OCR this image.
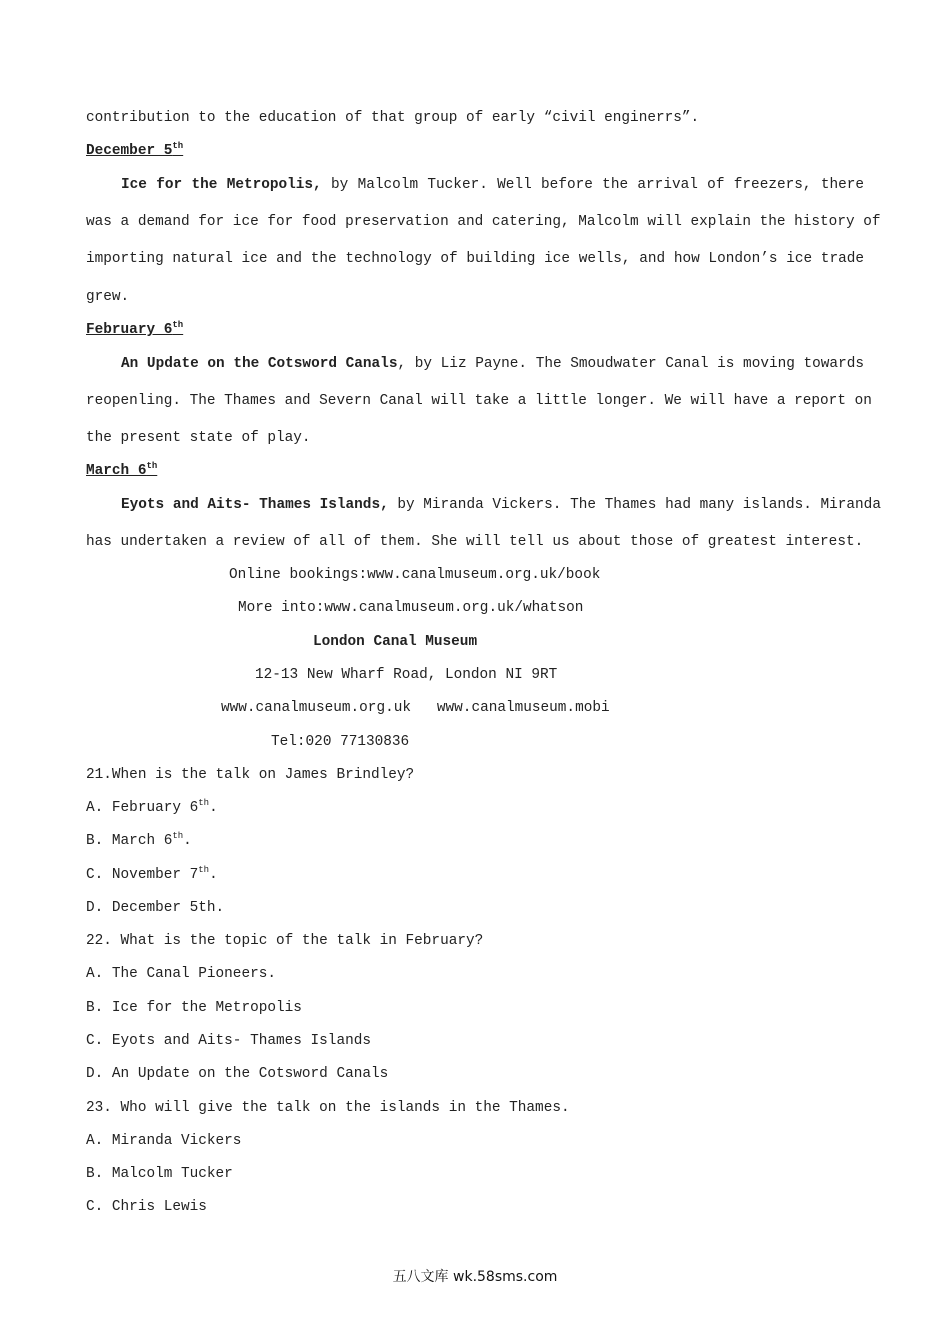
contribution to the education of that group of early “civil enginerrs”.
December 5th
Ice for the Metropolis, by Malcolm Tucker. Well before the arrival of freezers, there
was a demand for ice for food preservation and catering, Malcolm will explain the history of
importing natural ice and the technology of building ice wells, and how London’s ice trade
grew.
February 6th
An Update on the Cotsword Canals, by Liz Payne. The Smoudwater Canal is moving towards
reopenling. The Thames and Severn Canal will take a little longer. We will have a report on
the present state of play.
March 6th
Eyots and Aits- Thames Islands, by Miranda Vickers. The Thames had many islands. Miranda
has undertaken a review of all of them. She will tell us about those of greatest interest.
Online bookings:www.canalmuseum.org.uk/book
More into:www.canalmuseum.org.uk/whatson
London Canal Museum
12-13 New Wharf Road, London NI 9RT
www.canalmuseum.org.uk   www.canalmuseum.mobi
Tel:020 77130836
21.When is the talk on James Brindley?
A. February 6th.
B. March 6th.
C. November 7th.
D. December 5th.
22. What is the topic of the talk in February?
A. The Canal Pioneers.
B. Ice for the Metropolis
C. Eyots and Aits- Thames Islands
D. An Update on the Cotsword Canals
23. Who will give the talk on the islands in the Thames.
A. Miranda Vickers
B. Malcolm Tucker
C. Chris Lewis
五八文库 wk.58sms.com
